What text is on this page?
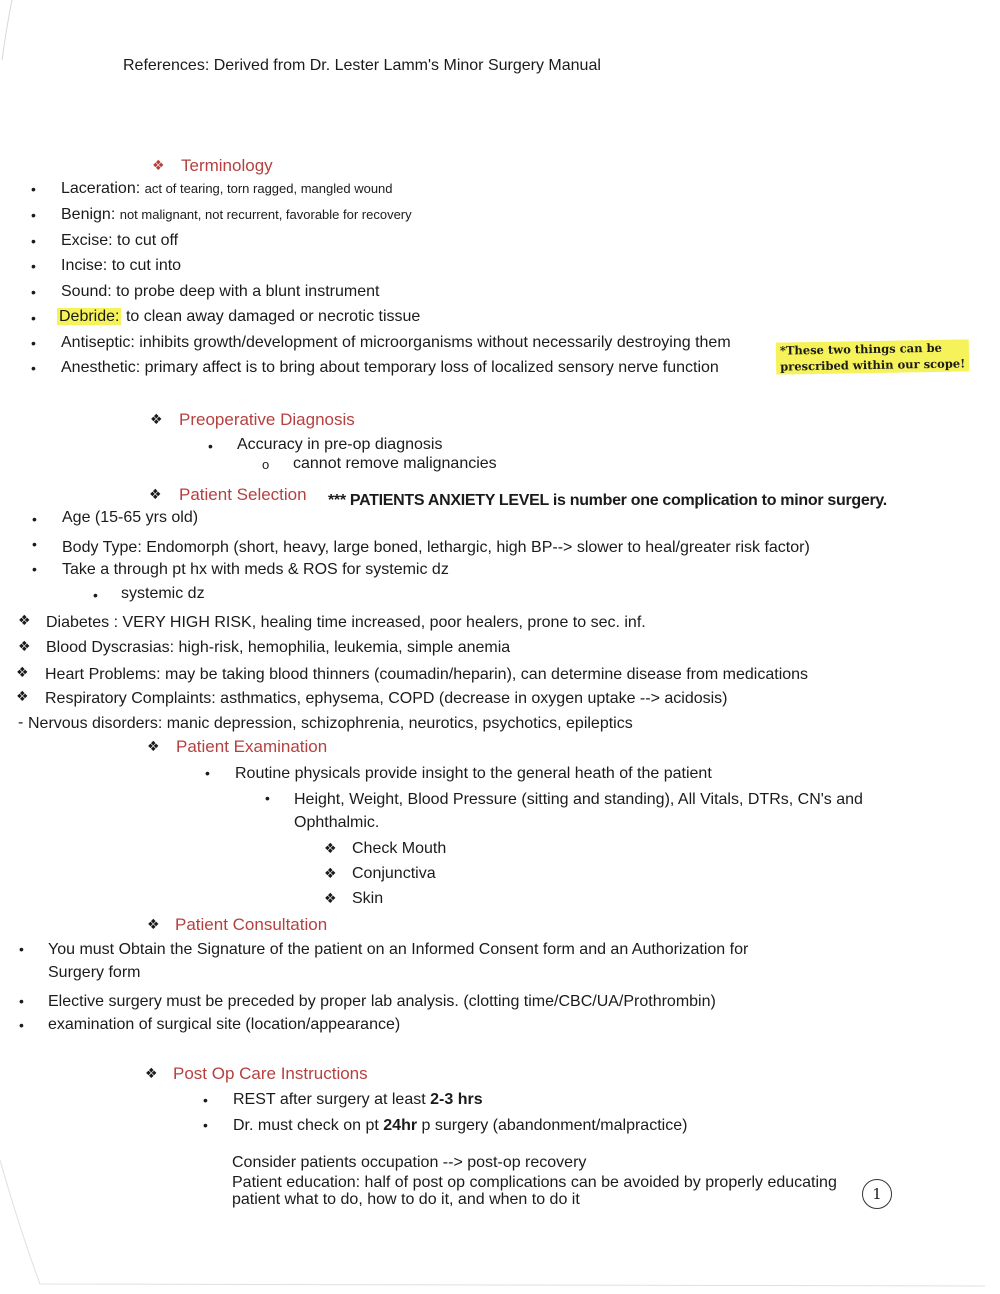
References: Derived from Dr. Lester Lamm's Minor Surgery Manual
❖ Terminology
• Laceration: act of tearing, torn ragged, mangled wound
• Benign: not malignant, not recurrent, favorable for recovery
• Excise: to cut off
• Incise: to cut into
• Sound: to probe deep with a blunt instrument
• Debride: to clean away damaged or necrotic tissue
• Antiseptic: inhibits growth/development of microorganisms without necessarily destroying them
• Anesthetic: primary affect is to bring about temporary loss of localized sensory nerve function
*These two things can be
prescribed within our scope!
❖ Preoperative Diagnosis
• Accuracy in pre-op diagnosis
o cannot remove malignancies
❖ Patient Selection *** PATIENTS ANXIETY LEVEL is number one complication to minor surgery.
• Age (15-65 yrs old)
• Body Type: Endomorph (short, heavy, large boned, lethargic, high BP--> slower to heal/greater risk factor)
• Take a through pt hx with meds & ROS for systemic dz
• systemic dz
❖ Diabetes : VERY HIGH RISK, healing time increased, poor healers, prone to sec. inf.
❖ Blood Dyscrasias: high-risk, hemophilia, leukemia, simple anemia
❖ Heart Problems: may be taking blood thinners (coumadin/heparin), can determine disease from medications
❖ Respiratory Complaints: asthmatics, ephysema, COPD (decrease in oxygen uptake --> acidosis)
- Nervous disorders: manic depression, schizophrenia, neurotics, psychotics, epileptics
❖ Patient Examination
• Routine physicals provide insight to the general heath of the patient
• Height, Weight, Blood Pressure (sitting and standing), All Vitals, DTRs, CN's and
Ophthalmic.
❖ Check Mouth
❖ Conjunctiva
❖ Skin
❖ Patient Consultation
• You must Obtain the Signature of the patient on an Informed Consent form and an Authorization for
Surgery form
• Elective surgery must be preceded by proper lab analysis. (clotting time/CBC/UA/Prothrombin)
• examination of surgical site (location/appearance)
❖ Post Op Care Instructions
• REST after surgery at least 2-3 hrs
• Dr. must check on pt 24hr p surgery (abandonment/malpractice)
Consider patients occupation --> post-op recovery
Patient education: half of post op complications can be avoided by properly educating
patient what to do, how to do it, and when to do it	1
